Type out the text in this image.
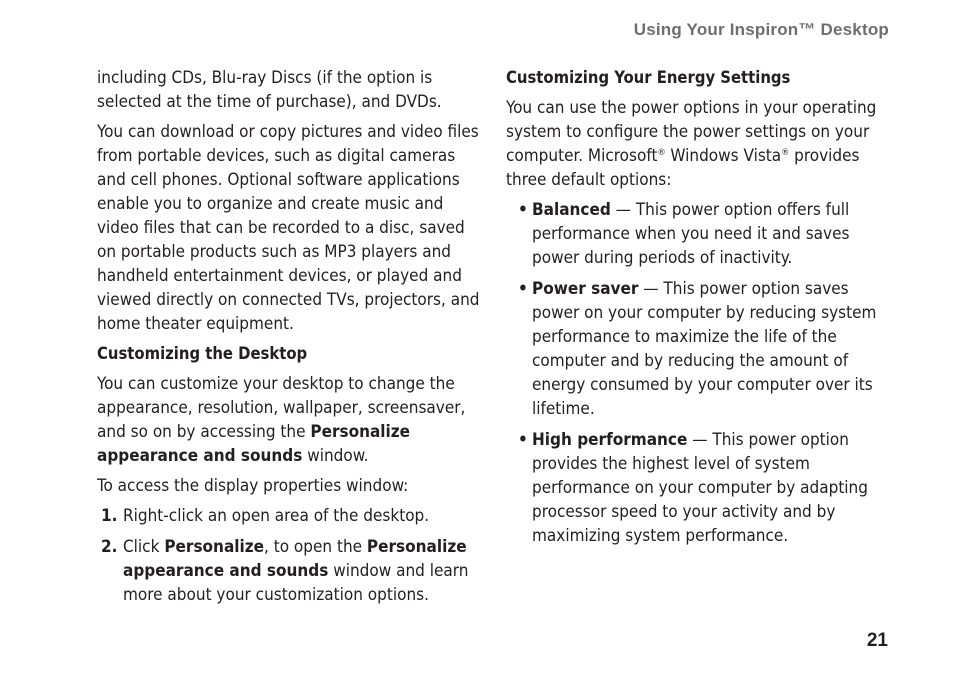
Using Your Inspiron™ Desktop

including CDs, Blu-ray Discs (if the option is selected at the time of purchase), and DVDs.

You can download or copy pictures and video files from portable devices, such as digital cameras and cell phones. Optional software applications enable you to organize and create music and video files that can be recorded to a disc, saved on portable products such as MP3 players and handheld entertainment devices, or played and viewed directly on connected TVs, projectors, and home theater equipment.

Customizing the Desktop

You can customize your desktop to change the appearance, resolution, wallpaper, screensaver, and so on by accessing the Personalize appearance and sounds window.

To access the display properties window:

1. Right-click an open area of the desktop.
2. Click Personalize, to open the Personalize appearance and sounds window and learn more about your customization options.
Customizing Your Energy Settings

You can use the power options in your operating system to configure the power settings on your computer. Microsoft® Windows Vista® provides three default options:

• Balanced — This power option offers full performance when you need it and saves power during periods of inactivity.
• Power saver — This power option saves power on your computer by reducing system performance to maximize the life of the computer and by reducing the amount of energy consumed by your computer over its lifetime.
• High performance — This power option provides the highest level of system performance on your computer by adapting processor speed to your activity and by maximizing system performance.
21
